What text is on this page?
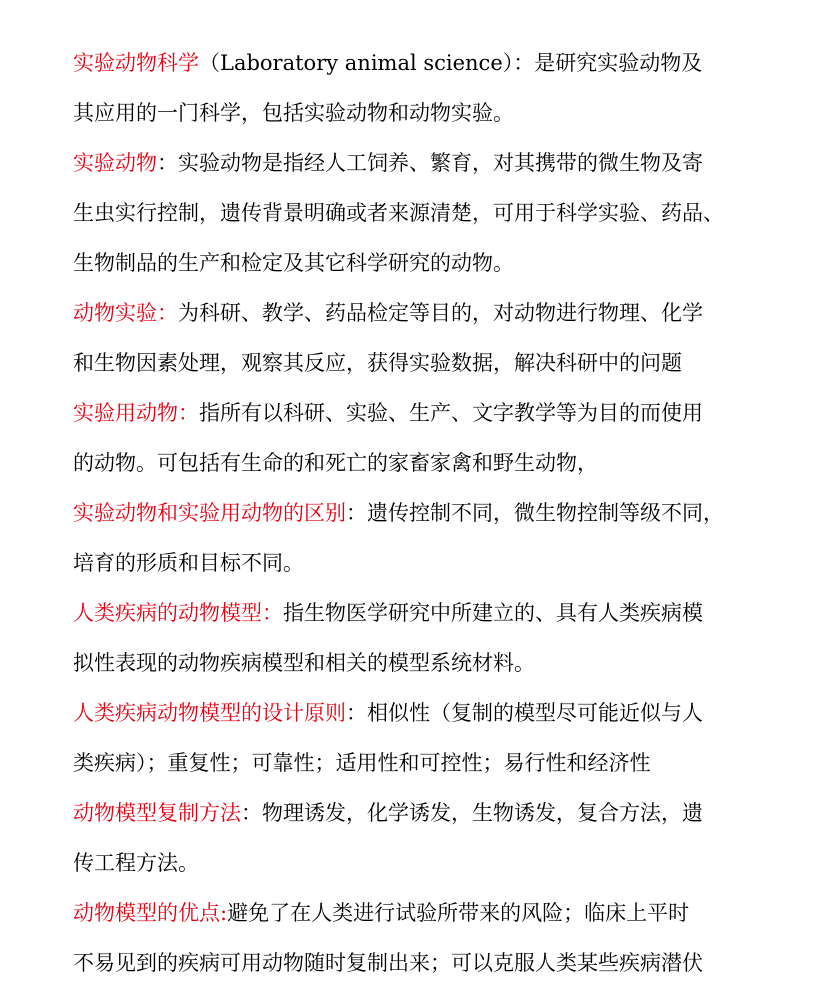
实验动物科学（Laboratory animal science）：是研究实验动物及
其应用的一门科学，包括实验动物和动物实验。
实验动物：实验动物是指经人工饲养、繁育，对其携带的微生物及寄
生虫实行控制，遗传背景明确或者来源清楚，可用于科学实验、药品、
生物制品的生产和检定及其它科学研究的动物。
动物实验：为科研、教学、药品检定等目的，对动物进行物理、化学
和生物因素处理，观察其反应，获得实验数据，解决科研中的问题
实验用动物：指所有以科研、实验、生产、文字教学等为目的而使用
的动物。可包括有生命的和死亡的家畜家禽和野生动物，
实验动物和实验用动物的区别：遗传控制不同，微生物控制等级不同，
培育的形质和目标不同。
人类疾病的动物模型：指生物医学研究中所建立的、具有人类疾病模
拟性表现的动物疾病模型和相关的模型系统材料。
人类疾病动物模型的设计原则：相似性（复制的模型尽可能近似与人
类疾病）；重复性；可靠性；适用性和可控性；易行性和经济性
动物模型复制方法：物理诱发，化学诱发，生物诱发，复合方法，遗
传工程方法。
动物模型的优点:避免了在人类进行试验所带来的风险；临床上平时
不易见到的疾病可用动物随时复制出来；可以克服人类某些疾病潜伏
